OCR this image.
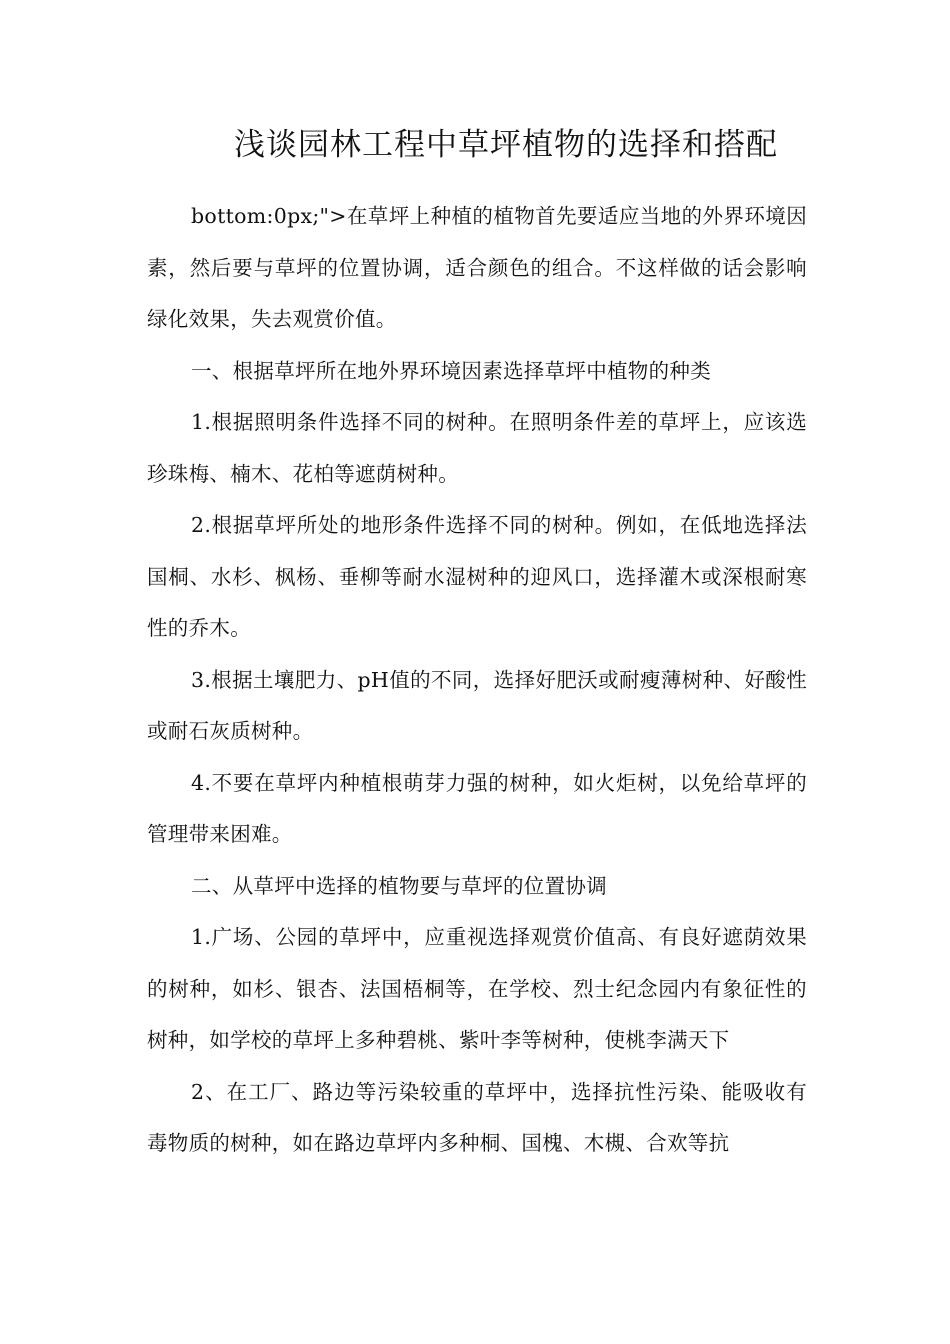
浅谈园林工程中草坪植物的选择和搭配

bottom:0px;">在草坪上种植的植物首先要适应当地的外界环境因素，然后要与草坪的位置协调，适合颜色的组合。不这样做的话会影响绿化效果，失去观赏价值。

一、根据草坪所在地外界环境因素选择草坪中植物的种类

1.根据照明条件选择不同的树种。在照明条件差的草坪上，应该选珍珠梅、楠木、花柏等遮荫树种。

2.根据草坪所处的地形条件选择不同的树种。例如，在低地选择法国桐、水杉、枫杨、垂柳等耐水湿树种的迎风口，选择灌木或深根耐寒性的乔木。

3.根据土壤肥力、pH值的不同，选择好肥沃或耐瘦薄树种、好酸性或耐石灰质树种。

4.不要在草坪内种植根萌芽力强的树种，如火炬树，以免给草坪的管理带来困难。

二、从草坪中选择的植物要与草坪的位置协调

1.广场、公园的草坪中，应重视选择观赏价值高、有良好遮荫效果的树种，如杉、银杏、法国梧桐等，在学校、烈士纪念园内有象征性的树种，如学校的草坪上多种碧桃、紫叶李等树种，使桃李满天下

2、在工厂、路边等污染较重的草坪中，选择抗性污染、能吸收有毒物质的树种，如在路边草坪内多种桐、国槐、木槻、合欢等抗
